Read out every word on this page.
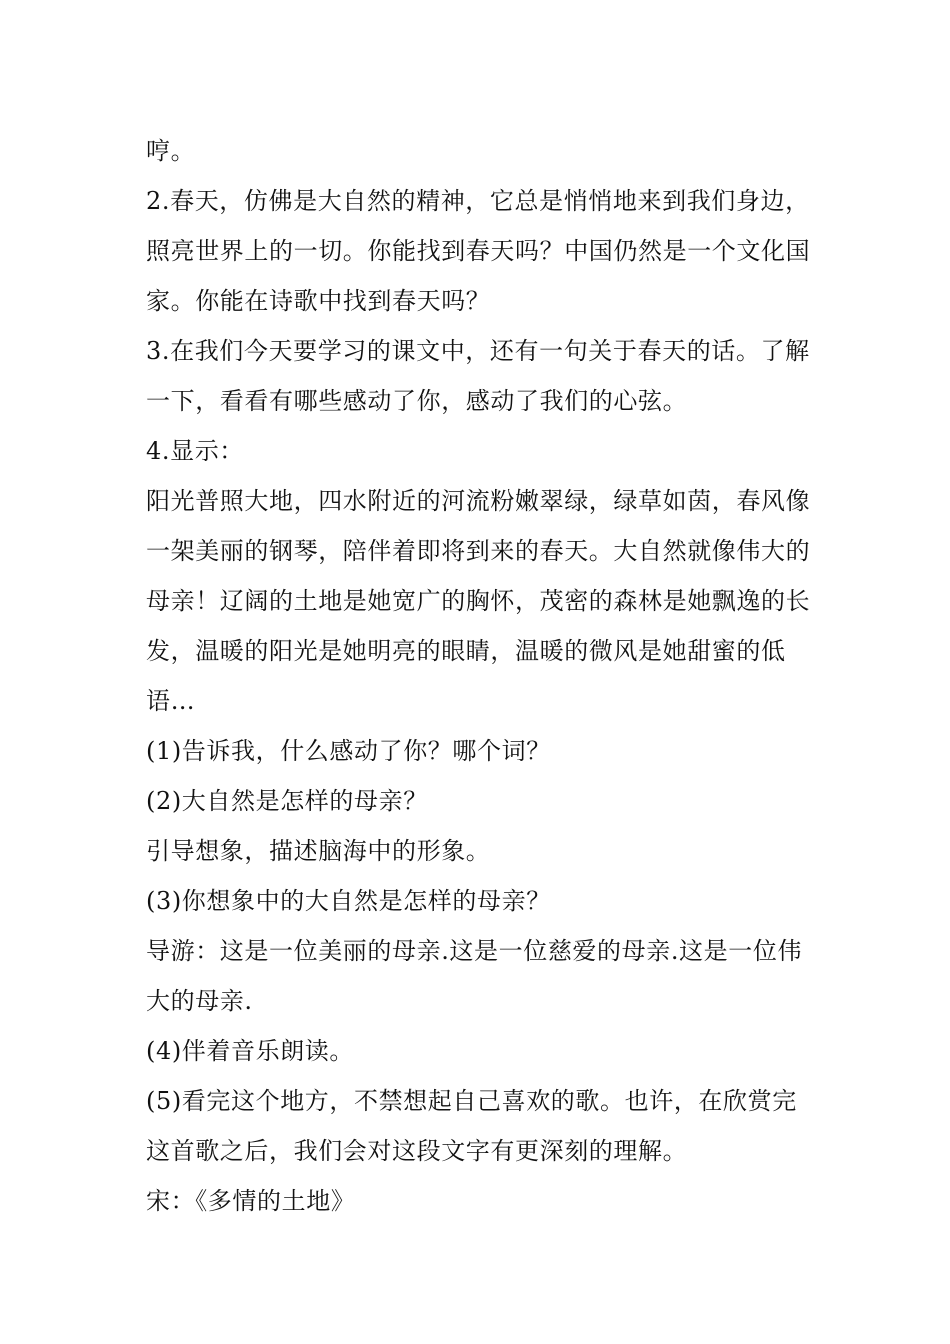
哼。

2.春天，仿佛是大自然的精神，它总是悄悄地来到我们身边，照亮世界上的一切。你能找到春天吗？中国仍然是一个文化国家。你能在诗歌中找到春天吗？

3.在我们今天要学习的课文中，还有一句关于春天的话。了解一下，看看有哪些感动了你，感动了我们的心弦。

4.显示：

阳光普照大地，四水附近的河流粉嫩翠绿，绿草如茵，春风像一架美丽的钢琴，陪伴着即将到来的春天。大自然就像伟大的母亲！辽阔的土地是她宽广的胸怀，茂密的森林是她飘逸的长发，温暖的阳光是她明亮的眼睛，温暖的微风是她甜蜜的低语…

(1)告诉我，什么感动了你？哪个词？

(2)大自然是怎样的母亲？

引导想象，描述脑海中的形象。

(3)你想象中的大自然是怎样的母亲？

导游：这是一位美丽的母亲.这是一位慈爱的母亲.这是一位伟大的母亲.

(4)伴着音乐朗读。

(5)看完这个地方，不禁想起自己喜欢的歌。也许，在欣赏完这首歌之后，我们会对这段文字有更深刻的理解。

宋：《多情的土地》
